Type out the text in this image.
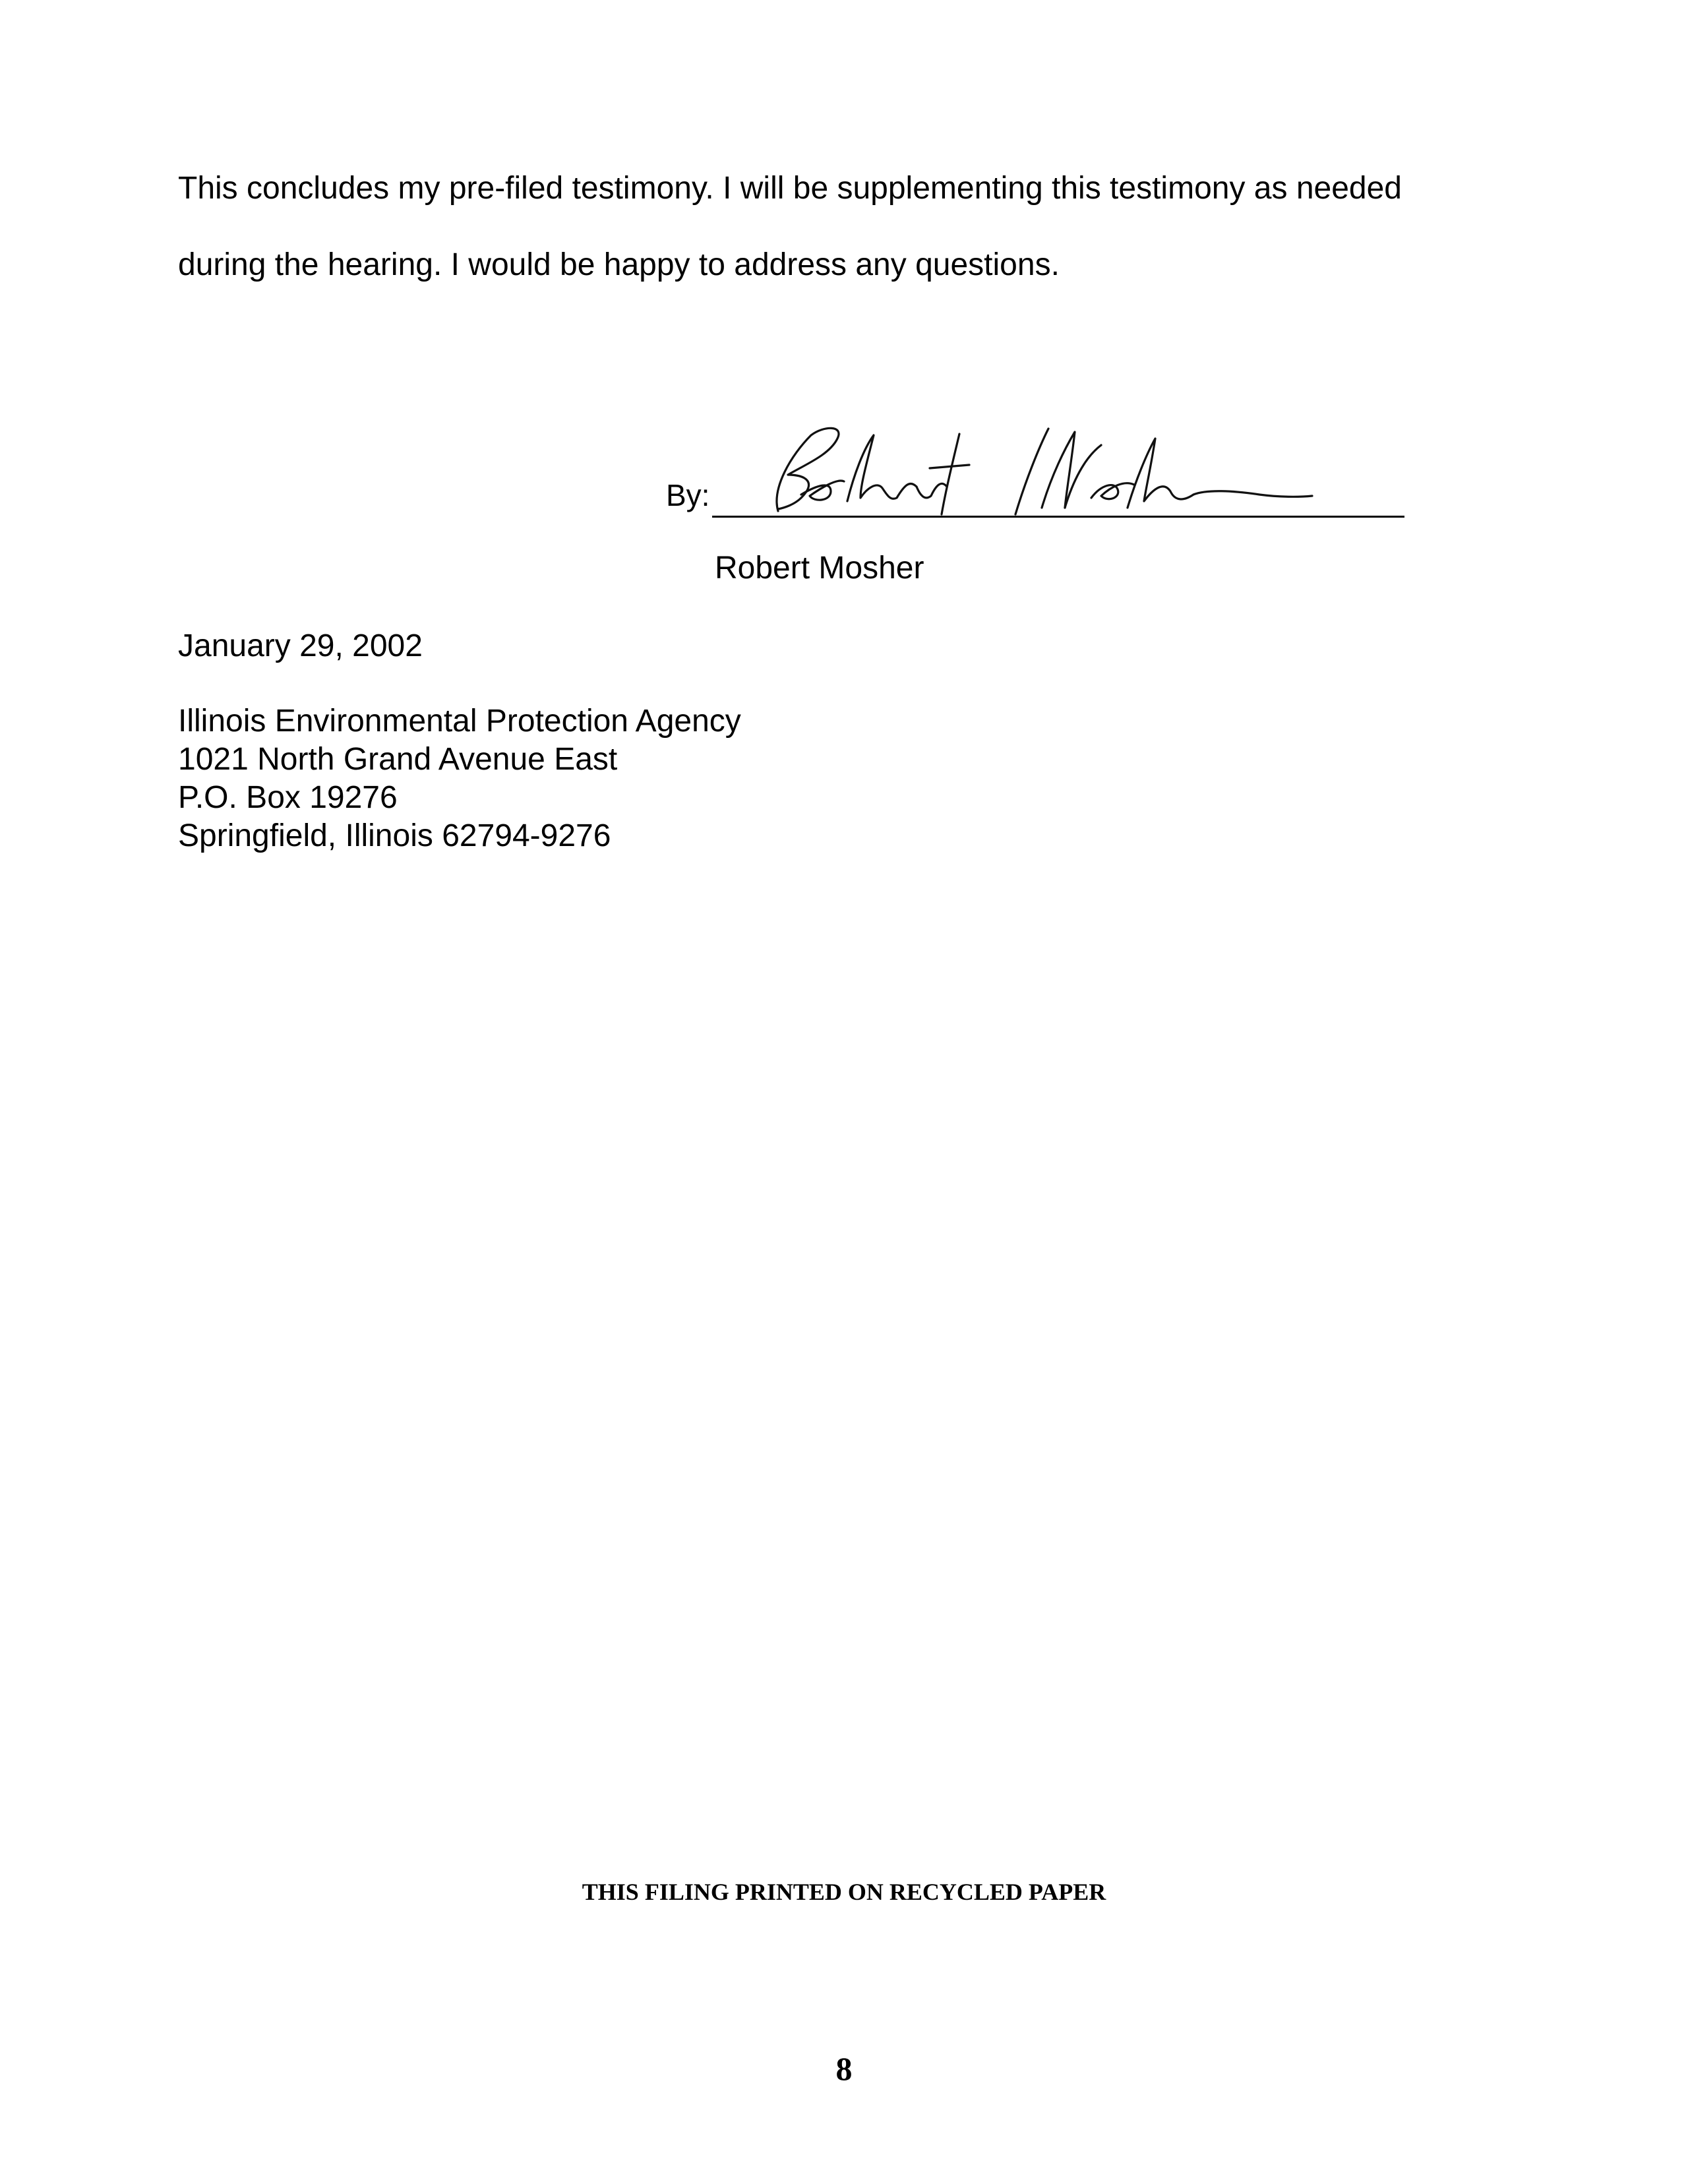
This concludes my pre-filed testimony. I will be supplementing this testimony as needed
during the hearing. I would be happy to address any questions.
By:
Robert Mosher
January 29, 2002
Illinois Environmental Protection Agency
1021 North Grand Avenue East
P.O. Box 19276
Springfield, Illinois 62794-9276
THIS FILING PRINTED ON RECYCLED PAPER
8
